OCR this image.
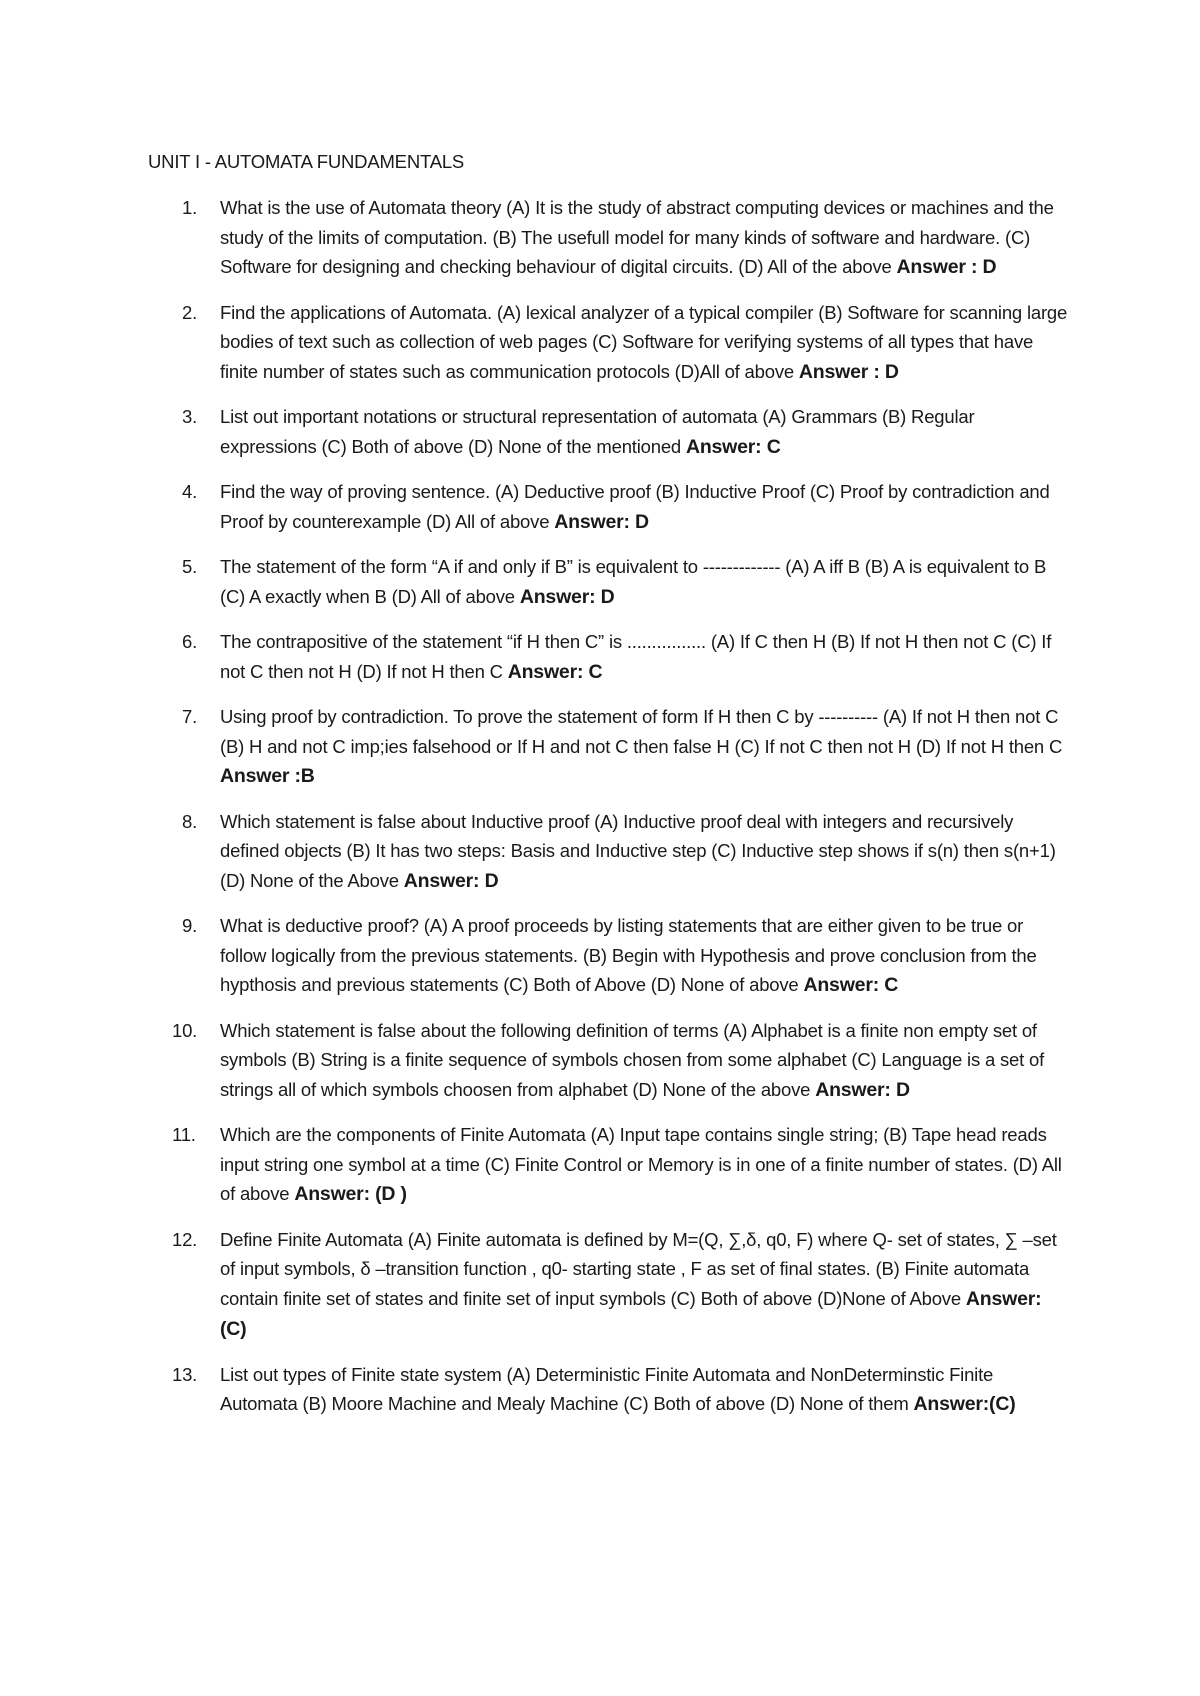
UNIT I - AUTOMATA FUNDAMENTALS
1. What is the use of Automata theory (A) It is the study of abstract computing devices or machines and the study of the limits of computation. (B) The usefull model for many kinds of software and hardware. (C) Software for designing and checking behaviour of digital circuits. (D) All of the above Answer : D
2. Find the applications of Automata. (A) lexical analyzer of a typical compiler (B) Software for scanning large bodies of text such as collection of web pages (C) Software for verifying systems of all types that have finite number of states such as communication protocols (D)All of above Answer : D
3. List out important notations or structural representation of automata (A) Grammars (B) Regular expressions (C) Both of above (D) None of the mentioned Answer: C
4. Find the way of proving sentence. (A) Deductive proof (B) Inductive Proof (C) Proof by contradiction and Proof by counterexample (D) All of above Answer: D
5. The statement of the form “A if and only if B” is equivalent to ------------- (A) A iff B (B) A is equivalent to B (C) A exactly when B (D) All of above Answer: D
6. The contrapositive of the statement “if H then C” is ................ (A) If C then H (B) If not H then not C (C) If not C then not H (D) If not H then C Answer: C
7. Using proof by contradiction. To prove the statement of form If H then C by ---------- (A) If not H then not C (B) H and not C imp;ies falsehood or If H and not C then false H (C) If not C then not H (D) If not H then C Answer :B
8. Which statement is false about Inductive proof (A) Inductive proof deal with integers and recursively defined objects (B) It has two steps: Basis and Inductive step (C) Inductive step shows if s(n) then s(n+1) (D) None of the Above Answer: D
9. What is deductive proof? (A) A proof proceeds by listing statements that are either given to be true or follow logically from the previous statements. (B) Begin with Hypothesis and prove conclusion from the hypthosis and previous statements (C) Both of Above (D) None of above Answer: C
10. Which statement is false about the following definition of terms (A) Alphabet is a finite non empty set of symbols (B) String is a finite sequence of symbols chosen from some alphabet (C) Language is a set of strings all of which symbols choosen from alphabet (D) None of the above Answer: D
11. Which are the components of Finite Automata (A) Input tape contains single string; (B) Tape head reads input string one symbol at a time (C) Finite Control or Memory is in one of a finite number of states. (D) All of above Answer: (D )
12. Define Finite Automata (A) Finite automata is defined by M=(Q, ∑,δ, q0, F) where Q- set of states, ∑ –set of input symbols, δ –transition function , q0- starting state , F as set of final states. (B) Finite automata contain finite set of states and finite set of input symbols (C) Both of above (D)None of Above Answer: (C)
13. List out types of Finite state system (A) Deterministic Finite Automata and NonDeterminstic Finite Automata (B) Moore Machine and Mealy Machine (C) Both of above (D) None of them Answer:(C)
